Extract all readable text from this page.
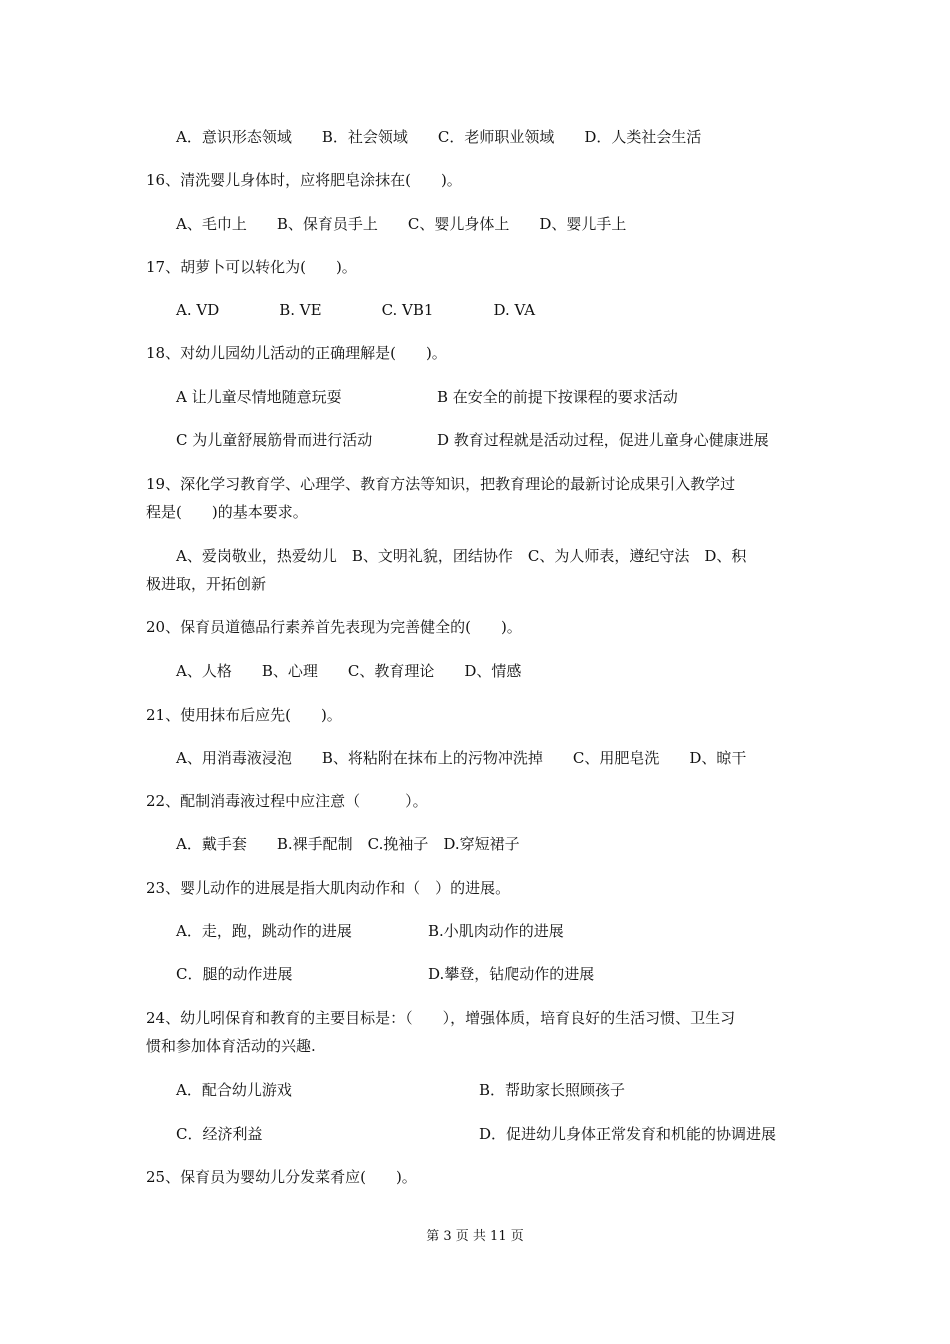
A．意识形态领域　　B．社会领域　　C．老师职业领域　　D．人类社会生活
16、清洗婴儿身体时，应将肥皂涂抹在(　　)。
A、毛巾上　　B、保育员手上　　C、婴儿身体上　　D、婴儿手上
17、胡萝卜可以转化为(　　)。
A. VD　　　　B. VE　　　　C. VB1　　　　D. VA
18、对幼儿园幼儿活动的正确理解是(　　)。
A 让儿童尽情地随意玩耍	B 在安全的前提下按课程的要求活动
C 为儿童舒展筋骨而进行活动	D 教育过程就是活动过程，促进儿童身心健康进展
19、深化学习教育学、心理学、教育方法等知识，把教育理论的最新讨论成果引入教学过
程是(　　)的基本要求。
A、爱岗敬业，热爱幼儿　B、文明礼貌，团结协作　C、为人师表，遵纪守法　D、积
极进取，开拓创新
20、保育员道德品行素养首先表现为完善健全的(　　)。
A、人格　　B、心理　　C、教育理论　　D、情感
21、使用抹布后应先(　　)。
A、用消毒液浸泡　　B、将粘附在抹布上的污物冲洗掉　　C、用肥皂洗　　D、晾干
22、配制消毒液过程中应注意（　　　）。
A．戴手套　　B.裸手配制　C.挽袖子　D.穿短裙子
23、婴儿动作的进展是指大肌肉动作和（　）的进展。
A．走，跑，跳动作的进展	B.小肌肉动作的进展
C．腿的动作进展	D.攀登，钻爬动作的进展
24、幼儿吲保育和教育的主要目标是：（　　），增强体质，培育良好的生活习惯、卫生习
惯和参加体育活动的兴趣.
A．配合幼儿游戏	B．帮助家长照顾孩子
C．经济利益	D．促进幼儿身体正常发育和机能的协调进展
25、保育员为婴幼儿分发菜肴应(　　)。
第 3 页 共 11 页
